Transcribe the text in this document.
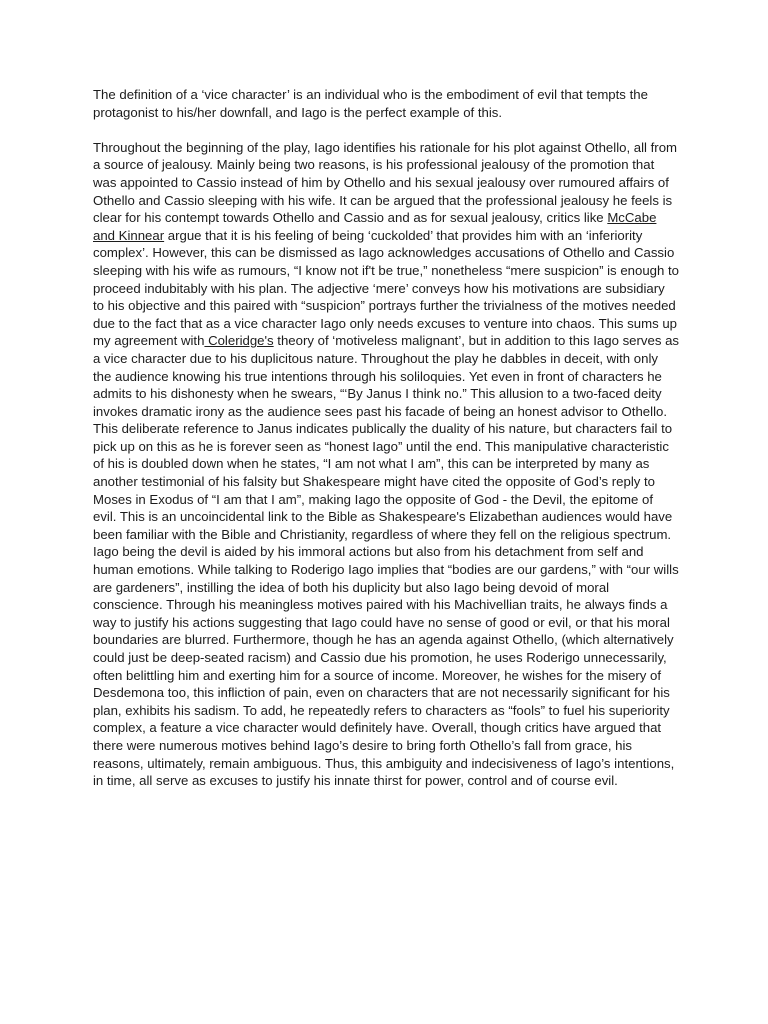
The definition of a ‘vice character’ is an individual who is the embodiment of evil that tempts the protagonist to his/her downfall, and Iago is the perfect example of this.

Throughout the beginning of the play, Iago identifies his rationale for his plot against Othello, all from a source of jealousy. Mainly being two reasons, is his professional jealousy of the promotion that was appointed to Cassio instead of him by Othello and his sexual jealousy over rumoured affairs of Othello and Cassio sleeping with his wife. It can be argued that the professional jealousy he feels is clear for his contempt towards Othello and Cassio and as for sexual jealousy, critics like McCabe and Kinnear argue that it is his feeling of being ‘cuckolded’ that provides him with an ‘inferiority complex’. However, this can be dismissed as Iago acknowledges accusations of Othello and Cassio sleeping with his wife as rumours, “I know not if't be true,” nonetheless “mere suspicion” is enough to proceed indubitably with his plan. The adjective ‘mere’ conveys how his motivations are subsidiary to his objective and this paired with “suspicion” portrays further the trivialness of the motives needed due to the fact that as a vice character Iago only needs excuses to venture into chaos. This sums up my agreement with Coleridge's theory of ‘motiveless malignant’, but in addition to this Iago serves as a vice character due to his duplicitous nature. Throughout the play he dabbles in deceit, with only the audience knowing his true intentions through his soliloquies. Yet even in front of characters he admits to his dishonesty when he swears, “‘By Janus I think no.” This allusion to a two-faced deity invokes dramatic irony as the audience sees past his facade of being an honest advisor to Othello. This deliberate reference to Janus indicates publically the duality of his nature, but characters fail to pick up on this as he is forever seen as “honest Iago” until the end. This manipulative characteristic of his is doubled down when he states, “I am not what I am”, this can be interpreted by many as another testimonial of his falsity but Shakespeare might have cited the opposite of God’s reply to Moses in Exodus of “I am that I am”, making Iago the opposite of God - the Devil, the epitome of evil. This is an uncoincidental link to the Bible as Shakespeare's Elizabethan audiences would have been familiar with the Bible and Christianity, regardless of where they fell on the religious spectrum. Iago being the devil is aided by his immoral actions but also from his detachment from self and human emotions. While talking to Roderigo Iago implies that “bodies are our gardens,” with “our wills are gardeners”, instilling the idea of both his duplicity but also Iago being devoid of moral conscience. Through his meaningless motives paired with his Machivellian traits, he always finds a way to justify his actions suggesting that Iago could have no sense of good or evil, or that his moral boundaries are blurred. Furthermore, though he has an agenda against Othello, (which alternatively could just be deep-seated racism) and Cassio due his promotion, he uses Roderigo unnecessarily, often belittling him and exerting him for a source of income. Moreover, he wishes for the misery of Desdemona too, this infliction of pain, even on characters that are not necessarily significant for his plan, exhibits his sadism. To add, he repeatedly refers to characters as “fools” to fuel his superiority complex, a feature a vice character would definitely have. Overall, though critics have argued that there were numerous motives behind Iago’s desire to bring forth Othello’s fall from grace, his reasons, ultimately, remain ambiguous. Thus, this ambiguity and indecisiveness of Iago’s intentions, in time, all serve as excuses to justify his innate thirst for power, control and of course evil.
